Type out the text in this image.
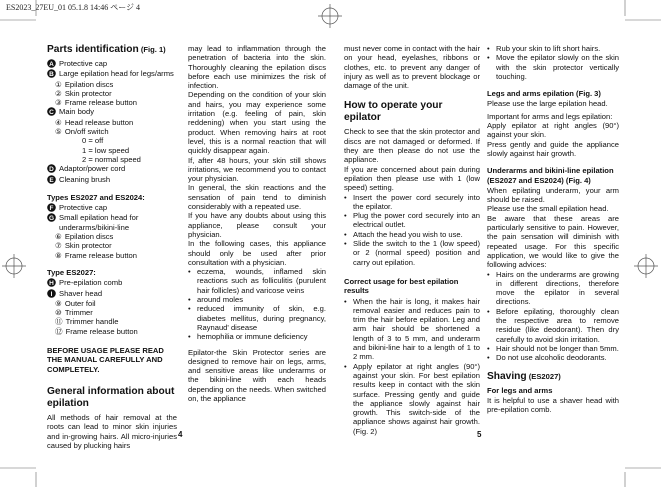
ES2023_27EU_01 05.1.8 14:46 ページ 4
Parts identification (Fig. 1)
A Protective cap
B Large epilation head for legs/arms
① Epilation discs
② Skin protector
③ Frame release button
C Main body
④ Head release button
⑤ On/off switch
0 = off
1 = low speed
2 = normal speed
D Adaptor/power cord
E Cleaning brush
Types ES2027 and ES2024:
F Protective cap
G Small epilation head for underarms/bikini-line
⑥ Epilation discs
⑦ Skin protector
⑧ Frame release button
Type ES2027:
H Pre-epilation comb
I Shaver head
⑨ Outer foil
⑩ Trimmer
⑪ Trimmer handle
⑫ Frame release button
BEFORE USAGE PLEASE READ THE MANUAL CAREFULLY AND COMPLETELY.
General information about epilation

All methods of hair removal at the roots can lead to minor skin injuries and in-growing hairs. All micro-injuries caused by plucking hairs

may lead to inflammation through the penetration of bacteria into the skin. Thoroughly cleaning the epilation discs before each use minimizes the risk of infection.

Depending on the condition of your skin and hairs, you may experience some irritation (e.g. feeling of pain, skin reddening) when you start using the product. When removing hairs at root level, this is a normal reaction that will quickly disappear again.

If, after 48 hours, your skin still shows irritations, we recommend you to contact your physician.

In general, the skin reactions and the sensation of pain tend to diminish considerably with a repeated use.

If you have any doubts about using this appliance, please consult your physician.

In the following cases, this appliance should only be used after prior consultation with a physician.

• eczema, wounds, inflamed skin reactions such as folliculitis (purulent hair follicles) and varicose veins
• around moles
• reduced immunity of skin, e.g. diabetes mellitus, during pregnancy, Raynaud' disease
• hemophilia or immune deficiency

Epilator-the Skin Protector series are designed to remove hair on legs, arms, and sensitive areas like underarms or the bikini-line with each heads depending on the needs. When switched on, the appliance

must never come in contact with the hair on your head, eyelashes, ribbons or clothes, etc. to prevent any danger of injury as well as to prevent blockage or damage of the unit.

How to operate your epilator

Check to see that the skin protector and discs are not damaged or deformed. If they are then please do not use the appliance.

If you are concerned about pain during epilation then please use with 1 (low speed) setting.

• Insert the power cord securely into the epilator.
• Plug the power cord securely into an electrical outlet.
• Attach the head you wish to use.
• Slide the switch to the 1 (low speed) or 2 (normal speed) position and carry out epilation.
Correct usage for best epilation results
• When the hair is long, it makes hair removal easier and reduces pain to trim the hair before epilation. Leg and arm hair should be shortened a length of 3 to 5 mm, and underarm and bikini-line hair to a length of 1 to 2 mm.
• Apply epilator at right angles (90°) against your skin. For best epilation results keep in contact with the skin surface. Pressing gently and guide the appliance slowly against hair growth. This switch-side of the appliance shows against hair growth. (Fig. 2)
• Rub your skin to lift short hairs.
• Move the epilator slowly on the skin with the skin protector vertically touching.
Legs and arms epilation (Fig. 3)

Please use the large epilation head.

Important for arms and legs epilation:

Apply epilator at right angles (90°) against your skin.

Press gently and guide the appliance slowly against hair growth.

Underarms and bikini-line epilation (ES2027 and ES2024) (Fig. 4)

When epilating underarm, your arm should be raised.

Please use the small epilation head.

Be aware that these areas are particularly sensitive to pain. However, the pain sensation will diminish with repeated usage. For this specific application, we would like to give the following advices:

• Hairs on the underarms are growing in different directions, therefore move the epilator in several directions.
• Before epilating, thoroughly clean the respective area to remove residue (like deodorant). Then dry carefully to avoid skin irritation.
• Hair should not be longer than 5mm.
• Do not use alcoholic deodorants.
Shaving (ES2027)
For legs and arms

It is helpful to use a shaver head with pre-epilation comb.

4	5
